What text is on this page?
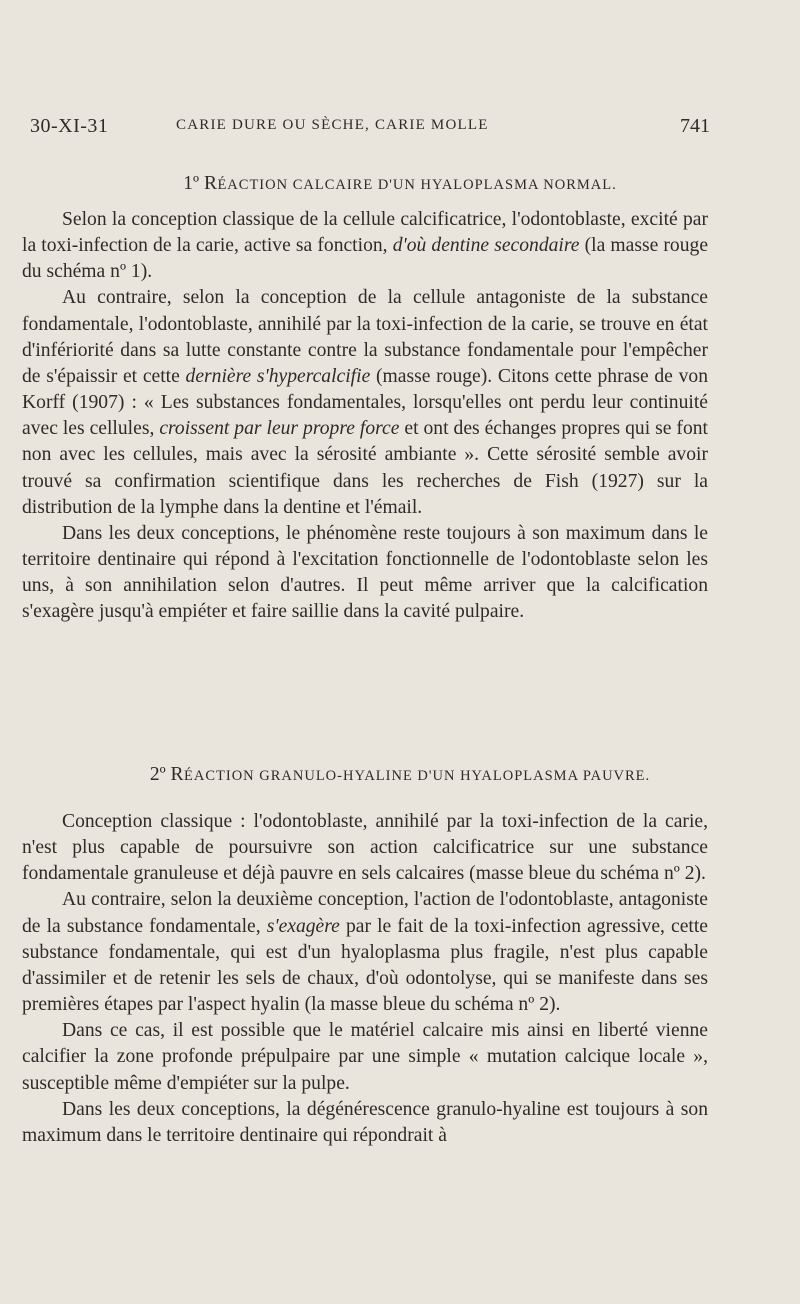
30-XI-31	CARIE DURE OU SÈCHE, CARIE MOLLE	741
1º RÉACTION CALCAIRE D'UN HYALOPLASMA NORMAL.

Selon la conception classique de la cellule calcificatrice, l'odontoblaste, excité par la toxi-infection de la carie, active sa fonction, d'où dentine secondaire (la masse rouge du schéma nº 1).

Au contraire, selon la conception de la cellule antagoniste de la substance fondamentale, l'odontoblaste, annihilé par la toxi-infection de la carie, se trouve en état d'infériorité dans sa lutte constante contre la substance fondamentale pour l'empêcher de s'épaissir et cette dernière s'hypercalcifie (masse rouge). Citons cette phrase de von Korff (1907) : « Les substances fondamentales, lorsqu'elles ont perdu leur continuité avec les cellules, croissent par leur propre force et ont des échanges propres qui se font non avec les cellules, mais avec la sérosité ambiante ». Cette sérosité semble avoir trouvé sa confirmation scientifique dans les recherches de Fish (1927) sur la distribution de la lymphe dans la dentine et l'émail.

Dans les deux conceptions, le phénomène reste toujours à son maximum dans le territoire dentinaire qui répond à l'excitation fonctionnelle de l'odontoblaste selon les uns, à son annihilation selon d'autres. Il peut même arriver que la calcification s'exagère jusqu'à empiéter et faire saillie dans la cavité pulpaire.

2º RÉACTION GRANULO-HYALINE D'UN HYALOPLASMA PAUVRE.

Conception classique : l'odontoblaste, annihilé par la toxi-infection de la carie, n'est plus capable de poursuivre son action calcificatrice sur une substance fondamentale granuleuse et déjà pauvre en sels calcaires (masse bleue du schéma nº 2).

Au contraire, selon la deuxième conception, l'action de l'odontoblaste, antagoniste de la substance fondamentale, s'exagère par le fait de la toxi-infection agressive, cette substance fondamentale, qui est d'un hyaloplasma plus fragile, n'est plus capable d'assimiler et de retenir les sels de chaux, d'où odontolyse, qui se manifeste dans ses premières étapes par l'aspect hyalin (la masse bleue du schéma nº 2).

Dans ce cas, il est possible que le matériel calcaire mis ainsi en liberté vienne calcifier la zone profonde prépulpaire par une simple « mutation calcique locale », susceptible même d'empiéter sur la pulpe.

Dans les deux conceptions, la dégénérescence granulo-hyaline est toujours à son maximum dans le territoire dentinaire qui répondrait à
